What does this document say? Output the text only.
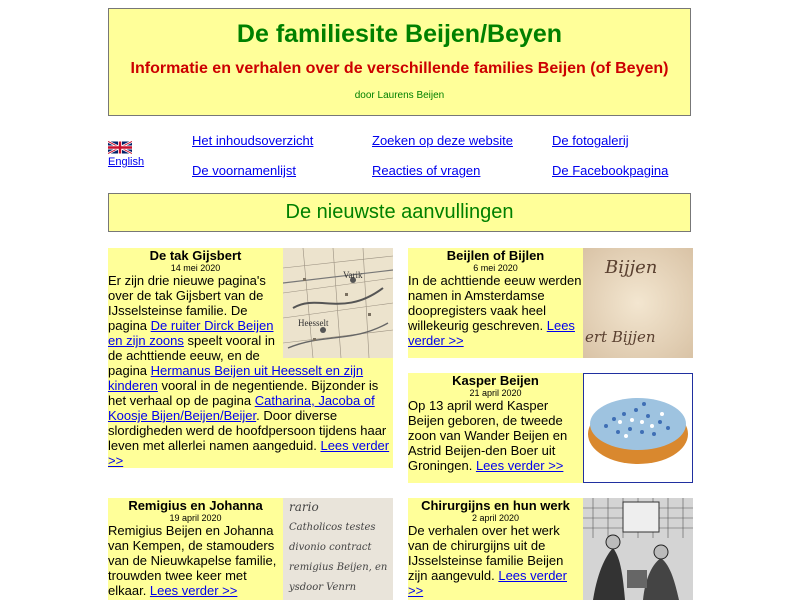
De familiesite Beijen/Beyen
Informatie en verhalen over de verschillende families Beijen (of Beyen)
door Laurens Beijen
English
Het inhoudsoverzicht	Zoeken op deze website	De fotogalerij
De voornamenlijst	Reacties of vragen	De Facebookpagina
De nieuwste aanvullingen
De tak Gijsbert
14 mei 2020
Er zijn drie nieuwe pagina's over de tak Gijsbert van de IJsselsteinse familie. De pagina De ruiter Dirck Beijen en zijn zoons speelt vooral in de achttiende eeuw, en de pagina Hermanus Beijen uit Heesselt en zijn kinderen vooral in de negentiende. Bijzonder is het verhaal op de pagina Catharina, Jacoba of Koosje Bijen/Beijen/Beijer. Door diverse slordigheden werd de hoofdpersoon tijdens haar leven met allerlei namen aangeduid. Lees verder >>
Varik
Heesselt
Bijjen
ert Bijjen
Beijlen of Bijlen
6 mei 2020
In de achttiende eeuw werden namen in Amsterdamse doopregisters vaak heel willekeurig geschreven. Lees verder >>
Kasper Beijen
21 april 2020
Op 13 april werd Kasper Beijen geboren, de tweede zoon van Wander Beijen en Astrid Beijen-den Boer uit Groningen. Lees verder >>
rario
Catholicos testes
divonio contract
remigius Beijen, en
ysdoor Venrn
Remigius en Johanna
19 april 2020
Remigius Beijen en Johanna van Kempen, de stamouders van de Nieuwkapelse familie, trouwden twee keer met elkaar. Lees verder >>
Chirurgijns en hun werk
2 april 2020
De verhalen over het werk van de chirurgijns uit de IJsselsteinse familie Beijen zijn aangevuld. Lees verder >>
